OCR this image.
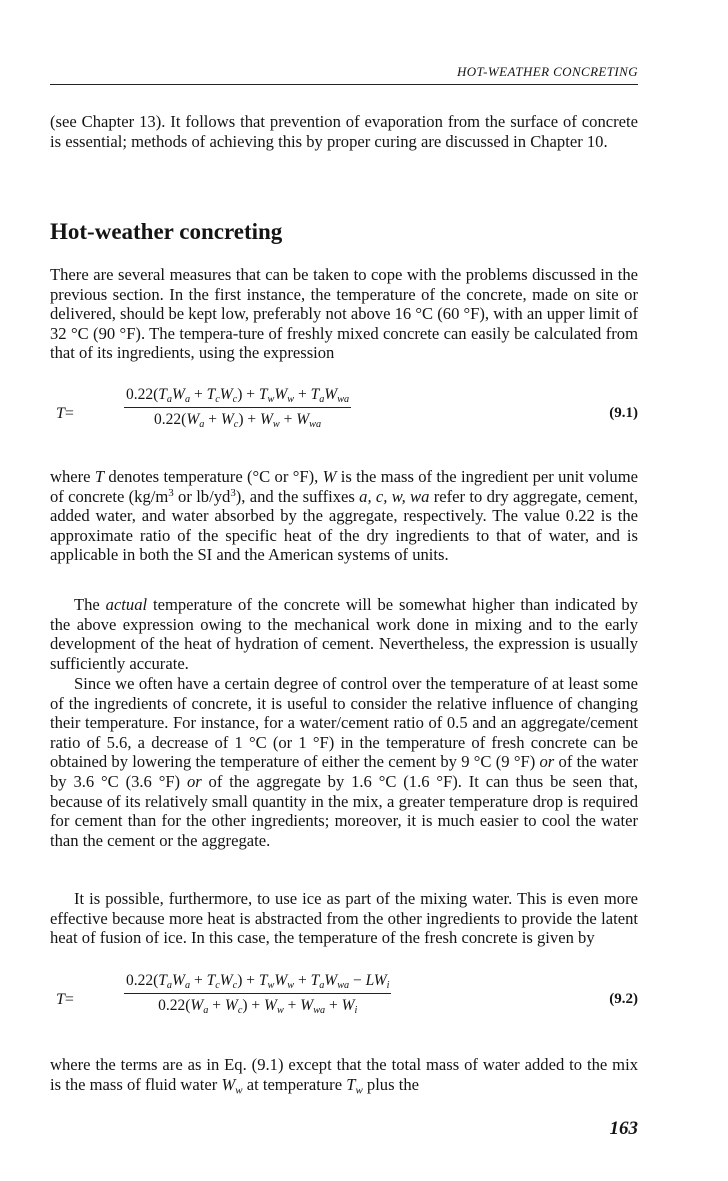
HOT-WEATHER CONCRETING

(see Chapter 13). It follows that prevention of evaporation from the surface of concrete is essential; methods of achieving this by proper curing are discussed in Chapter 10.

Hot-weather concreting

There are several measures that can be taken to cope with the problems discussed in the previous section. In the first instance, the temperature of the concrete, made on site or delivered, should be kept low, preferably not above 16 °C (60 °F), with an upper limit of 32 °C (90 °F). The tempera-ture of freshly mixed concrete can easily be calculated from that of its ingredients, using the expression

T=
$0.22(T_aW_a + T_cW_c) + T_wW_w + T_aW_{wa}$
$0.22(W_a + W_c) + W_w + W_{wa}$
(9.1)

where T denotes temperature (°C or °F), W is the mass of the ingredient per unit volume of concrete ($kg/m^3$ or $lb/yd^3$), and the suffixes a, c, w, wa refer to dry aggregate, cement, added water, and water absorbed by the aggregate, respectively. The value 0.22 is the approximate ratio of the specific heat of the dry ingredients to that of water, and is applicable in both the SI and the American systems of units.

The actual temperature of the concrete will be somewhat higher than indicated by the above expression owing to the mechanical work done in mixing and to the early development of the heat of hydration of cement. Nevertheless, the expression is usually sufficiently accurate.

Since we often have a certain degree of control over the temperature of at least some of the ingredients of concrete, it is useful to consider the relative influence of changing their temperature. For instance, for a water/cement ratio of 0.5 and an aggregate/cement ratio of 5.6, a decrease of 1 °C (or 1 °F) in the temperature of fresh concrete can be obtained by lowering the temperature of either the cement by 9 °C (9 °F) or of the water by 3.6 °C (3.6 °F) or of the aggregate by 1.6 °C (1.6 °F). It can thus be seen that, because of its relatively small quantity in the mix, a greater temperature drop is required for cement than for the other ingredients; moreover, it is much easier to cool the water than the cement or the aggregate.

It is possible, furthermore, to use ice as part of the mixing water. This is even more effective because more heat is abstracted from the other ingredients to provide the latent heat of fusion of ice. In this case, the temperature of the fresh concrete is given by

T=
$0.22(T_aW_a + T_cW_c) + T_wW_w + T_aW_{wa} - LW_i$
$0.22(W_a + W_c) + W_w + W_{wa} + W_i$
(9.2)

where the terms are as in Eq. (9.1) except that the total mass of water added to the mix is the mass of fluid water $W_w$ at temperature $T_w$ plus the

163
